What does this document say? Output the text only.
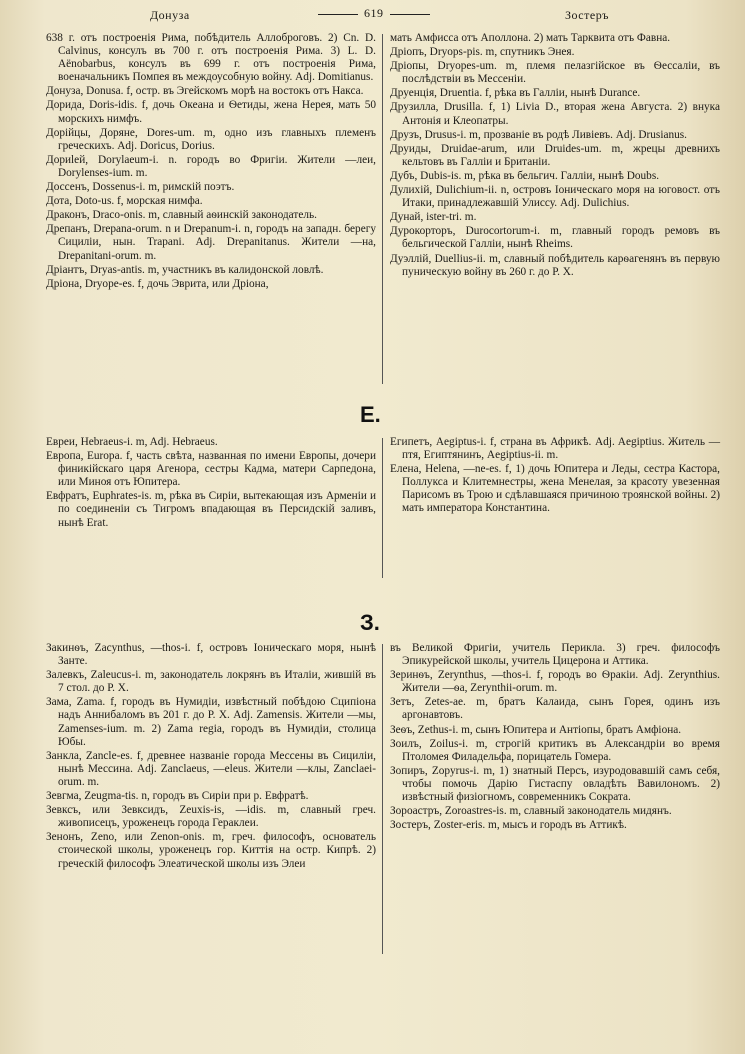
Донуза	619	Зостеръ

638 г. отъ построенія Рима, побѣдитель Аллоброговъ. 2) Cn. D. Calvinus, консулъ въ 700 г. отъ построенія Рима. 3) L. D. Aënobarbus, консулъ въ 699 г. отъ построенія Рима, военачальникъ Помпея въ междоусобную войну. Adj. Domitianus.

Донуза, Donusa. f, остр. въ Эгейскомъ морѣ на востокъ отъ Накса.

Дорида, Doris-idis. f, дочь Океана и Ѳетиды, жена Нерея, мать 50 морскихъ нимфъ.

Дорійцы, Доряне, Dores-um. m, одно изъ главныхъ племенъ греческихъ. Adj. Doricus, Dorius.

Дориlей, Dorylaeum-i. n. городъ во Фригіи. Жители —леи, Dorylenses-ium. m.

Доссенъ, Dossenus-i. m, римскій поэтъ.

Дота, Doto-us. f, морская нимфа.

Драконъ, Draco-onis. m, славный аѳинскій законодатель.

Дрепанъ, Drepana-orum. n и Drepanum-i. n, городъ на западн. берегу Сициліи, нын. Trapani. Adj. Drepanitanus. Жители —на, Drepanitani-orum. m.

Дріантъ, Dryas-antis. m, участникъ въ калидонской ловлѣ.

Дріона, Dryope-es. f, дочь Эврита, или Дріона,

мать Амфисса отъ Аполлона. 2) мать Тарквита отъ Фавна.

Дріопъ, Dryops-pis. m, спутникъ Энея.

Дріопы, Dryopes-um. m, племя пелазгійское въ Ѳессаліи, въ послѣдствіи въ Мессеніи.

Друенція, Druentia. f, рѣка въ Галліи, нынѣ Durance.

Друзилла, Drusilla. f, 1) Livia D., вторая жена Августа. 2) внука Антонія и Клеопатры.

Друзъ, Drusus-i. m, прозваніе въ родѣ Ливіевъ. Adj. Drusianus.

Друиды, Druidae-arum, или Druides-um. m, жрецы древнихъ кельтовъ въ Галліи и Британіи.

Дубъ, Dubis-is. m, рѣка въ бельгич. Галліи, нынѣ Doubs.

Дулихій, Dulichium-ii. n, островъ Іоническаго моря на юговост. отъ Итаки, принадлежавшій Улиссу. Adj. Dulichius.

Дунай, ister-tri. m.

Дурокорторъ, Durocortorum-i. m, главный городъ ремовъ въ бельгической Галліи, нынѣ Rheims.

Дуэллій, Duellius-ii. m, славный побѣдитель карѳагенянъ въ первую пуническую войну въ 260 г. до Р. Х.

Е.

Евреи, Hebraeus-i. m, Adj. Hebraeus.

Европа, Europa. f, часть свѣта, названная по имени Европы, дочери финикійскаго царя Агенора, сестры Кадма, матери Сарпедона, или Миноя отъ Юпитера.

Евфратъ, Euphrates-is. m, рѣка въ Сиріи, вытекающая изъ Арменіи и по соединеніи съ Тигромъ впадающая въ Персидскій заливъ, нынѣ Erat.

Египетъ, Aegiptus-i. f, страна въ Африкѣ. Adj. Aegiptius. Житель —птя, Египтянинъ, Aegiptius-ii. m.

Елена, Helena, —ne-es. f, 1) дочь Юпитера и Леды, сестра Кастора, Поллукса и Клитемнестры, жена Менелая, за красоту увезенная Парисомъ въ Трою и сдѣлавшаяся причиною троянской войны. 2) мать императора Константина.

З.

Закинѳъ, Zacynthus, —thos-i. f, островъ Іоническаго моря, нынѣ Занте.

Залевкъ, Zaleucus-i. m, законодатель локрянъ въ Италіи, жившій въ 7 стол. до Р. Х.

Зама, Zama. f, городъ въ Нумидіи, извѣстный побѣдою Сципіона надъ Аннибаломъ въ 201 г. до Р. Х. Adj. Zamensis. Жители —мы, Zamenses-ium. m. 2) Zama regia, городъ въ Нумидіи, столица Юбы.

Занкла, Zancle-es. f, древнее названіе города Мессены въ Сициліи, нынѣ Мессина. Adj. Zanclaeus, —eleus. Жители —клы, Zanclaei-orum. m.

Зевгма, Zeugma-tis. n, городъ въ Сиріи при р. Евфратѣ.

Зевксъ, или Зевксидъ, Zeuxis-is, —idis. m, славный греч. живописецъ, уроженецъ города Гераклеи.

Зенонъ, Zeno, или Zenon-onis. m, греч. философъ, основатель стоической школы, уроженецъ гор. Киттія на остр. Кипрѣ. 2) греческій философъ Элеатической школы изъ Элеи

въ Великой Фригіи, учитель Перикла. 3) греч. философъ Эпикурейской школы, учитель Цицерона и Аттика.

Зеринѳъ, Zerynthus, —thos-i. f, городъ во Ѳракіи. Adj. Zerynthius. Жители —ѳа, Zerynthii-orum. m.

Зетъ, Zetes-ae. m, братъ Калаида, сынъ Горея, одинъ изъ аргонавтовъ.

Зеѳъ, Zethus-i. m, сынъ Юпитера и Антіопы, братъ Амфіона.

Зоилъ, Zoilus-i. m, строгій критикъ въ Александріи во время Птоломея Филадельфа, порицатель Гомера.

Зопиръ, Zopyrus-i. m, 1) знатный Персъ, изуродовавшій самъ себя, чтобы помочь Дарію Гистаспу овладѣть Вавилономъ. 2) извѣстный физіогномъ, современникъ Сократа.

Зороастръ, Zoroastres-is. m, славный законодатель мидянъ.

Зостеръ, Zoster-eris. m, мысъ и городъ въ Аттикѣ.
